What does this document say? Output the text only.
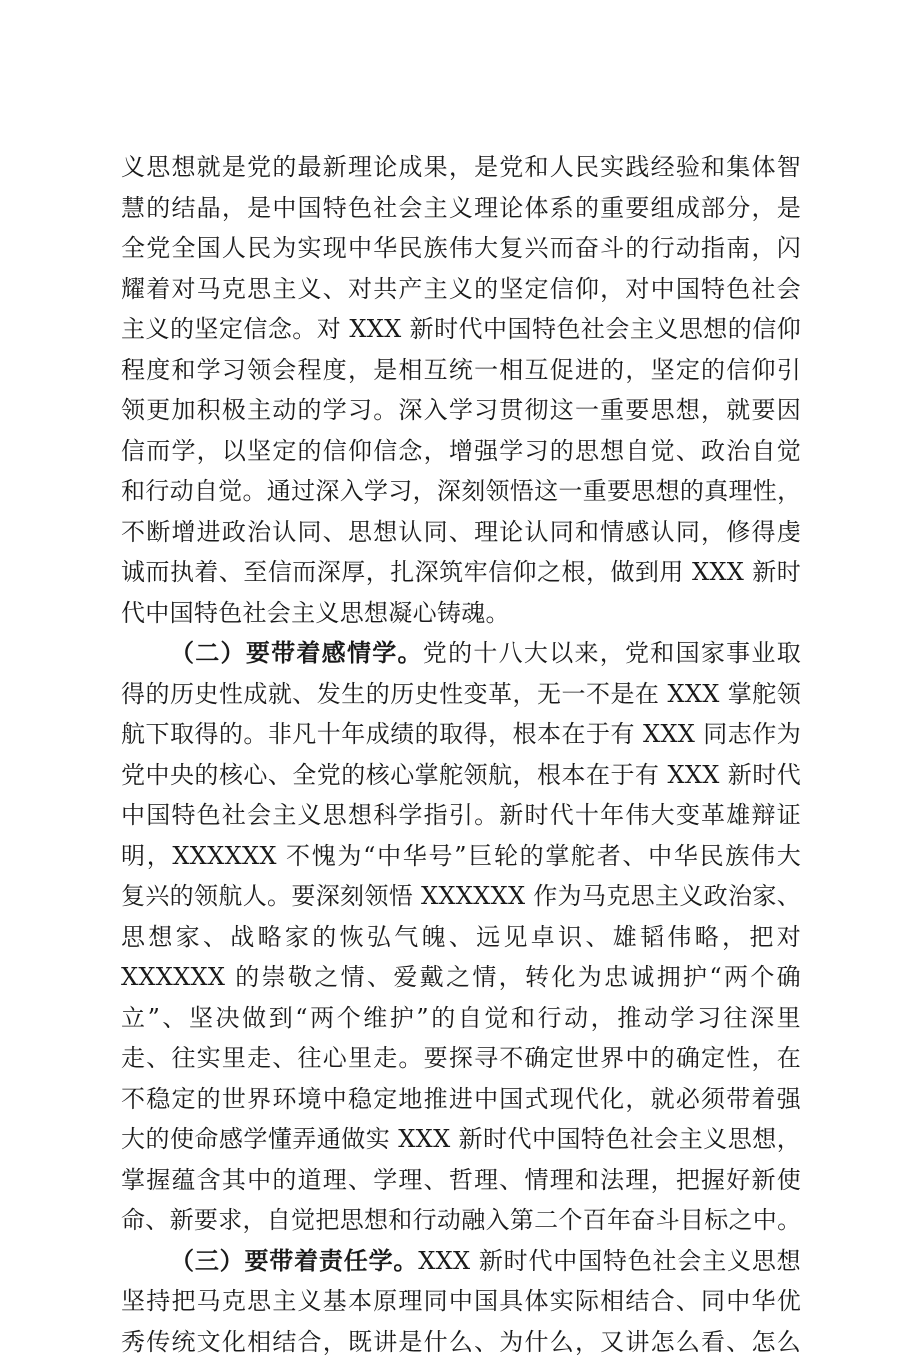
义思想就是党的最新理论成果，是党和人民实践经验和集体智
慧的结晶，是中国特色社会主义理论体系的重要组成部分，是
全党全国人民为实现中华民族伟大复兴而奋斗的行动指南，闪
耀着对马克思主义、对共产主义的坚定信仰，对中国特色社会
主义的坚定信念。对 XXX 新时代中国特色社会主义思想的信仰
程度和学习领会程度，是相互统一相互促进的，坚定的信仰引
领更加积极主动的学习。深入学习贯彻这一重要思想，就要因
信而学，以坚定的信仰信念，增强学习的思想自觉、政治自觉
和行动自觉。通过深入学习，深刻领悟这一重要思想的真理性，
不断增进政治认同、思想认同、理论认同和情感认同，修得虔
诚而执着、至信而深厚，扎深筑牢信仰之根，做到用 XXX 新时
代中国特色社会主义思想凝心铸魂。
（二）要带着感情学。党的十八大以来，党和国家事业取
得的历史性成就、发生的历史性变革，无一不是在 XXX 掌舵领
航下取得的。非凡十年成绩的取得，根本在于有 XXX 同志作为
党中央的核心、全党的核心掌舵领航，根本在于有 XXX 新时代
中国特色社会主义思想科学指引。新时代十年伟大变革雄辩证
明，XXXXXX 不愧为“中华号”巨轮的掌舵者、中华民族伟大
复兴的领航人。要深刻领悟 XXXXXX 作为马克思主义政治家、
思想家、战略家的恢弘气魄、远见卓识、雄韬伟略，把对
XXXXXX 的崇敬之情、爱戴之情，转化为忠诚拥护“两个确
立”、坚决做到“两个维护”的自觉和行动，推动学习往深里
走、往实里走、往心里走。要探寻不确定世界中的确定性，在
不稳定的世界环境中稳定地推进中国式现代化，就必须带着强
大的使命感学懂弄通做实 XXX 新时代中国特色社会主义思想，
掌握蕴含其中的道理、学理、哲理、情理和法理，把握好新使
命、新要求，自觉把思想和行动融入第二个百年奋斗目标之中。
（三）要带着责任学。XXX 新时代中国特色社会主义思想
坚持把马克思主义基本原理同中国具体实际相结合、同中华优
秀传统文化相结合，既讲是什么、为什么，又讲怎么看、怎么
